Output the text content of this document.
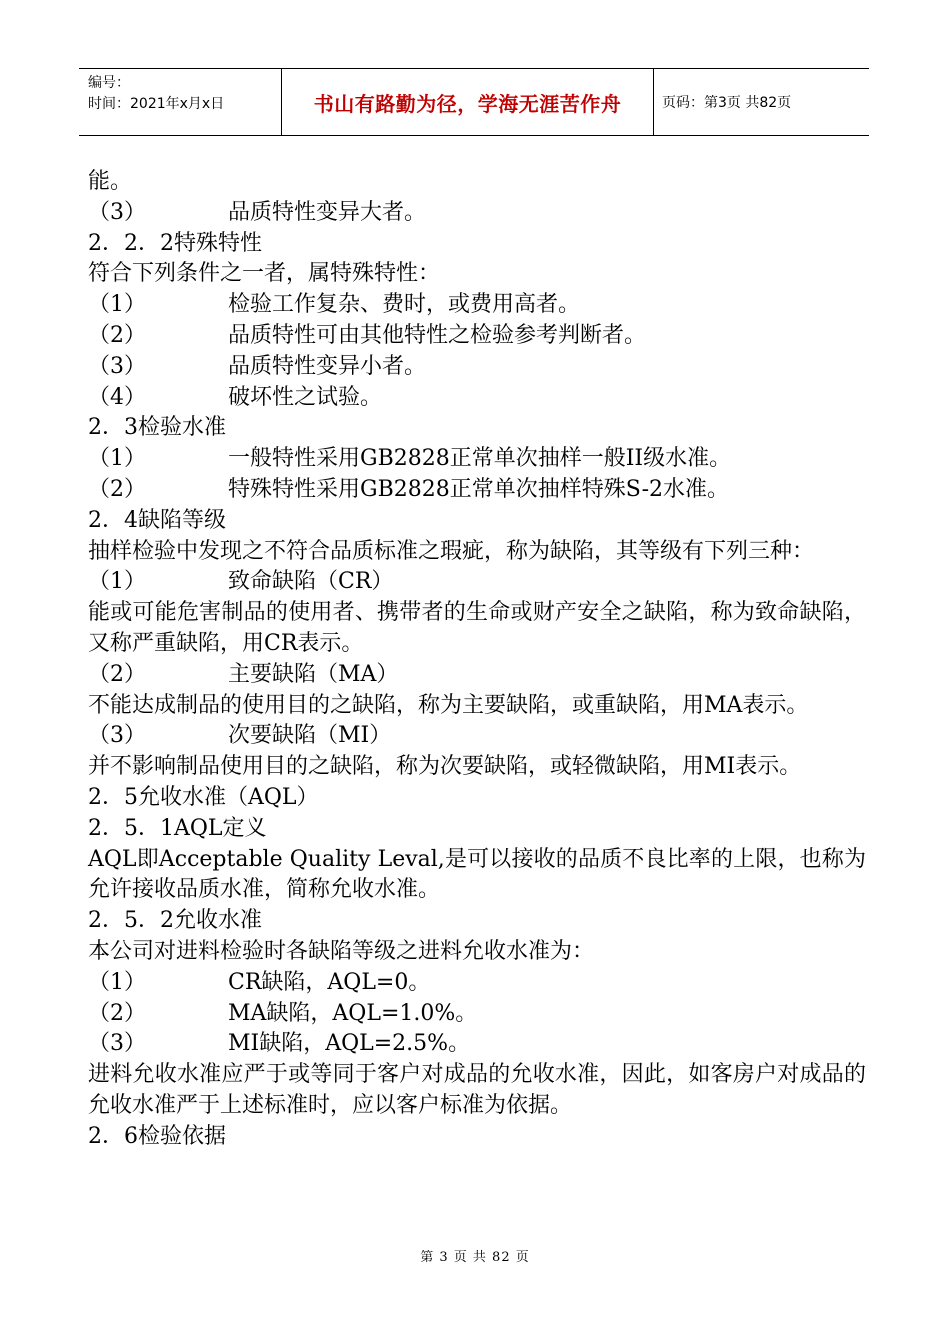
编号：
时间：2021年x月x日	书山有路勤为径，学海无涯苦作舟	页码：第3页 共82页
能。
（3）	品质特性变异大者。
2．2．2特殊特性
符合下列条件之一者，属特殊特性：
（1）	检验工作复杂、费时，或费用高者。
（2）	品质特性可由其他特性之检验参考判断者。
（3）	品质特性变异小者。
（4）	破坏性之试验。
2．3检验水准
（1）	一般特性采用GB2828正常单次抽样一般II级水准。
（2）	特殊特性采用GB2828正常单次抽样特殊S-2水准。
2．4缺陷等级
抽样检验中发现之不符合品质标准之瑕疵，称为缺陷，其等级有下列三种：
（1）	致命缺陷（CR）
能或可能危害制品的使用者、携带者的生命或财产安全之缺陷，称为致命缺陷，又称严重缺陷，用CR表示。
（2）	主要缺陷（MA）
不能达成制品的使用目的之缺陷，称为主要缺陷，或重缺陷，用MA表示。
（3）	次要缺陷（MI）
并不影响制品使用目的之缺陷，称为次要缺陷，或轻微缺陷，用MI表示。
2．5允收水准（AQL）
2．5．1AQL定义
AQL即Acceptable Quality Leval,是可以接收的品质不良比率的上限，也称为允许接收品质水准，简称允收水准。
2．5．2允收水准
本公司对进料检验时各缺陷等级之进料允收水准为：
（1）	CR缺陷，AQL=0。
（2）	MA缺陷，AQL=1.0%。
（3）	MI缺陷，AQL=2.5%。
进料允收水准应严于或等同于客户对成品的允收水准，因此，如客房户对成品的允收水准严于上述标准时，应以客户标准为依据。
2．6检验依据
第 3 页 共 82 页
